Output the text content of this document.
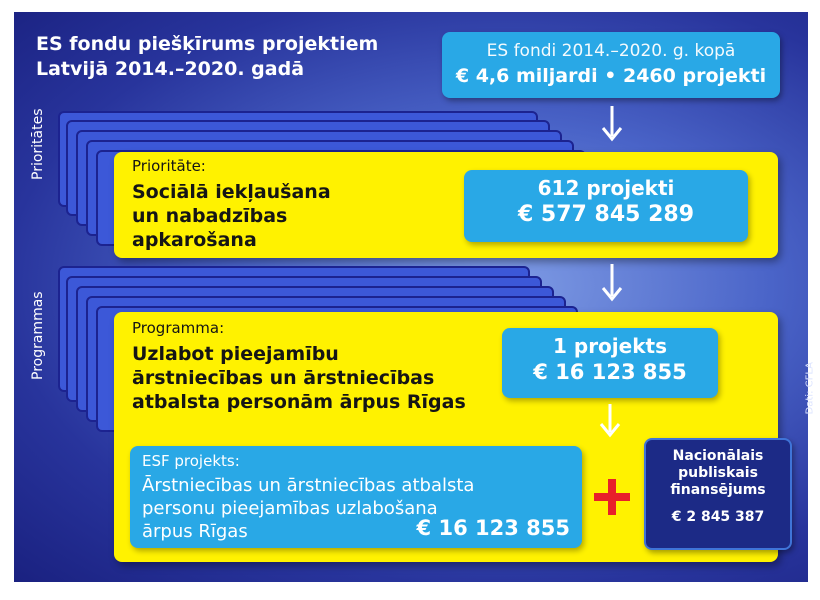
ES fondu piešķīrums projektiem
Latvijā 2014.–2020. gadā
ES fondi 2014.–2020. g. kopā
€ 4,6 miljardi • 2460 projekti
Prioritātes	Prioritāte:
Sociālā iekļaušana
un nabadzības
apkarošana
612 projekti
€ 577 845 289
Programmas	Programma:
Uzlabot pieejamību
ārstniecības un ārstniecības
atbalsta personām ārpus Rīgas
1 projekts
€ 16 123 855
ESF projekts:
Ārstniecības un ārstniecības atbalsta
personu pieejamības uzlabošana
ārpus Rīgas	€ 16 123 855
Nacionālais
publiskais
finansējums
€ 2 845 387
Dati: CFLA
